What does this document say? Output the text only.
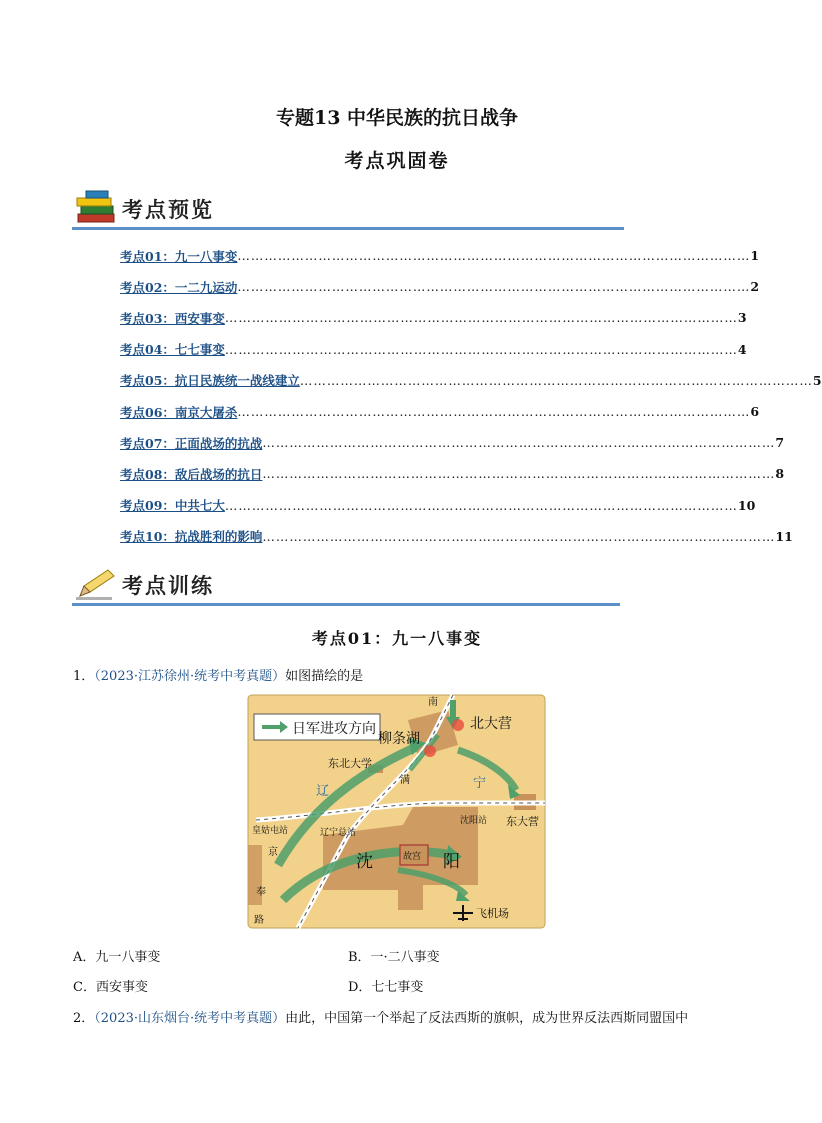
专题13 中华民族的抗日战争
考点巩固卷
考点预览
考点01：九一八事变 …………………………………………………………………………………………………… 1
考点02：一二九运动 …………………………………………………………………………………………………… 2
考点03：西安事变 …………………………………………………………………………………………………… 3
考点04：七七事变 …………………………………………………………………………………………………… 4
考点05：抗日民族统一战线建立 …………………………………………………………………………………………………… 5
考点06：南京大屠杀 …………………………………………………………………………………………………… 6
考点07：正面战场的抗战 …………………………………………………………………………………………………… 7
考点08：敌后战场的抗日 …………………………………………………………………………………………………… 8
考点09：中共七大 …………………………………………………………………………………………………… 10
考点10：抗战胜利的影响 …………………………………………………………………………………………………… 11
考点训练
考点01：九一八事变
1．（2023·江苏徐州·统考中考真题）如图描绘的是
日军进攻方向
故宫
北大营
柳条湖
东北大学
东大营
皇姑屯站	辽宁总站
沈阳站
沈	阳
飞机场
辽
宁
南
满
京
奉
路
A．九一八事变	B．一·二八事变
C．西安事变	D．七七事变
2．（2023·山东烟台·统考中考真题）由此，中国第一个举起了反法西斯的旗帜，成为世界反法西斯同盟国中
